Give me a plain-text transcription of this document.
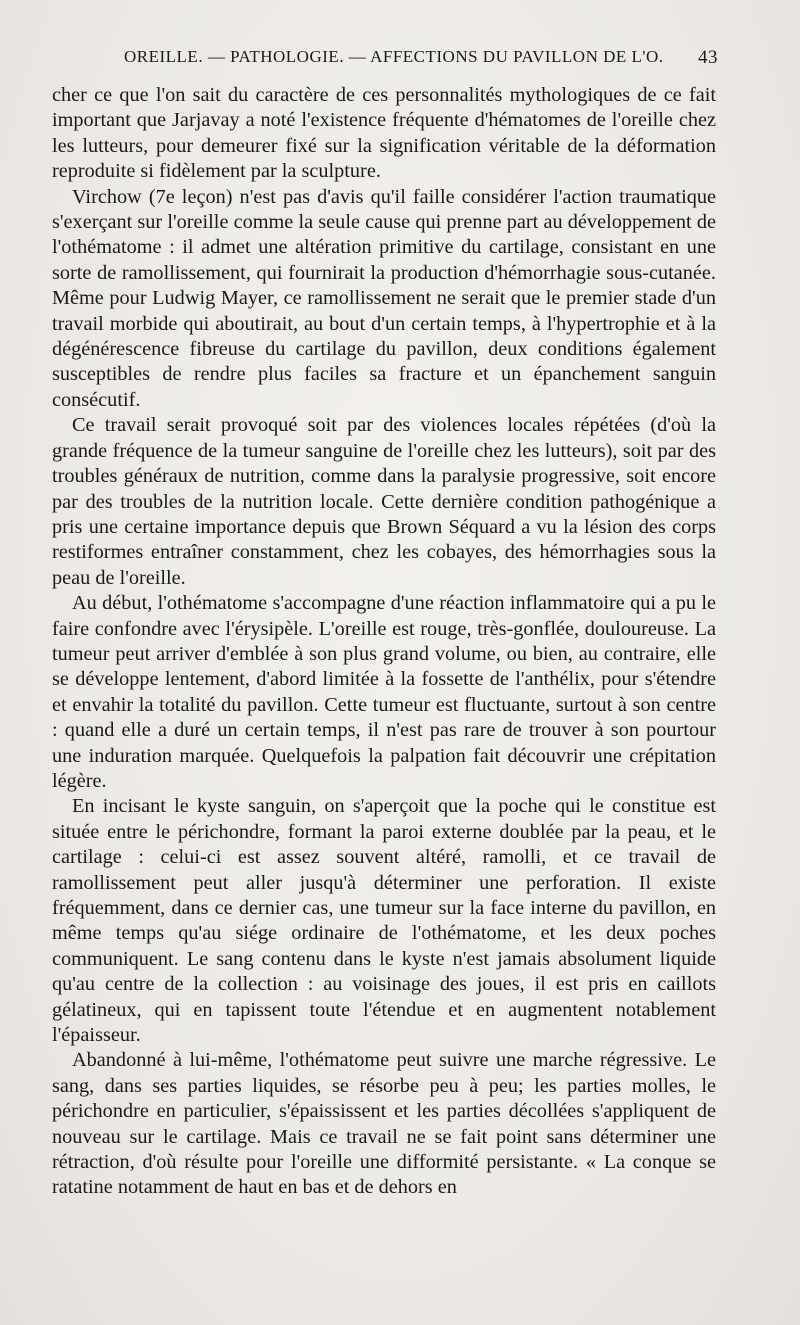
OREILLE. — PATHOLOGIE. — AFFECTIONS DU PAVILLON DE L'O. 43

cher ce que l'on sait du caractère de ces personnalités mythologiques de ce fait important que Jarjavay a noté l'existence fréquente d'hématomes de l'oreille chez les lutteurs, pour demeurer fixé sur la signification véritable de la déformation reproduite si fidèlement par la sculpture.

Virchow (7e leçon) n'est pas d'avis qu'il faille considérer l'action traumatique s'exerçant sur l'oreille comme la seule cause qui prenne part au développement de l'othématome : il admet une altération primitive du cartilage, consistant en une sorte de ramollissement, qui fournirait la production d'hémorrhagie sous-cutanée. Même pour Ludwig Mayer, ce ramollissement ne serait que le premier stade d'un travail morbide qui aboutirait, au bout d'un certain temps, à l'hypertrophie et à la dégénérescence fibreuse du cartilage du pavillon, deux conditions également susceptibles de rendre plus faciles sa fracture et un épanchement sanguin consécutif.

Ce travail serait provoqué soit par des violences locales répétées (d'où la grande fréquence de la tumeur sanguine de l'oreille chez les lutteurs), soit par des troubles généraux de nutrition, comme dans la paralysie progressive, soit encore par des troubles de la nutrition locale. Cette dernière condition pathogénique a pris une certaine importance depuis que Brown Séquard a vu la lésion des corps restiformes entraîner constamment, chez les cobayes, des hémorrhagies sous la peau de l'oreille.

Au début, l'othématome s'accompagne d'une réaction inflammatoire qui a pu le faire confondre avec l'érysipèle. L'oreille est rouge, très-gonflée, douloureuse. La tumeur peut arriver d'emblée à son plus grand volume, ou bien, au contraire, elle se développe lentement, d'abord limitée à la fossette de l'anthélix, pour s'étendre et envahir la totalité du pavillon. Cette tumeur est fluctuante, surtout à son centre : quand elle a duré un certain temps, il n'est pas rare de trouver à son pourtour une induration marquée. Quelquefois la palpation fait découvrir une crépitation légère.

En incisant le kyste sanguin, on s'aperçoit que la poche qui le constitue est située entre le périchondre, formant la paroi externe doublée par la peau, et le cartilage : celui-ci est assez souvent altéré, ramolli, et ce travail de ramollissement peut aller jusqu'à déterminer une perforation. Il existe fréquemment, dans ce dernier cas, une tumeur sur la face interne du pavillon, en même temps qu'au siége ordinaire de l'othématome, et les deux poches communiquent. Le sang contenu dans le kyste n'est jamais absolument liquide qu'au centre de la collection : au voisinage des joues, il est pris en caillots gélatineux, qui en tapissent toute l'étendue et en augmentent notablement l'épaisseur.

Abandonné à lui-même, l'othématome peut suivre une marche régressive. Le sang, dans ses parties liquides, se résorbe peu à peu; les parties molles, le périchondre en particulier, s'épaississent et les parties décollées s'appliquent de nouveau sur le cartilage. Mais ce travail ne se fait point sans déterminer une rétraction, d'où résulte pour l'oreille une difformité persistante. « La conque se ratatine notamment de haut en bas et de dehors en
